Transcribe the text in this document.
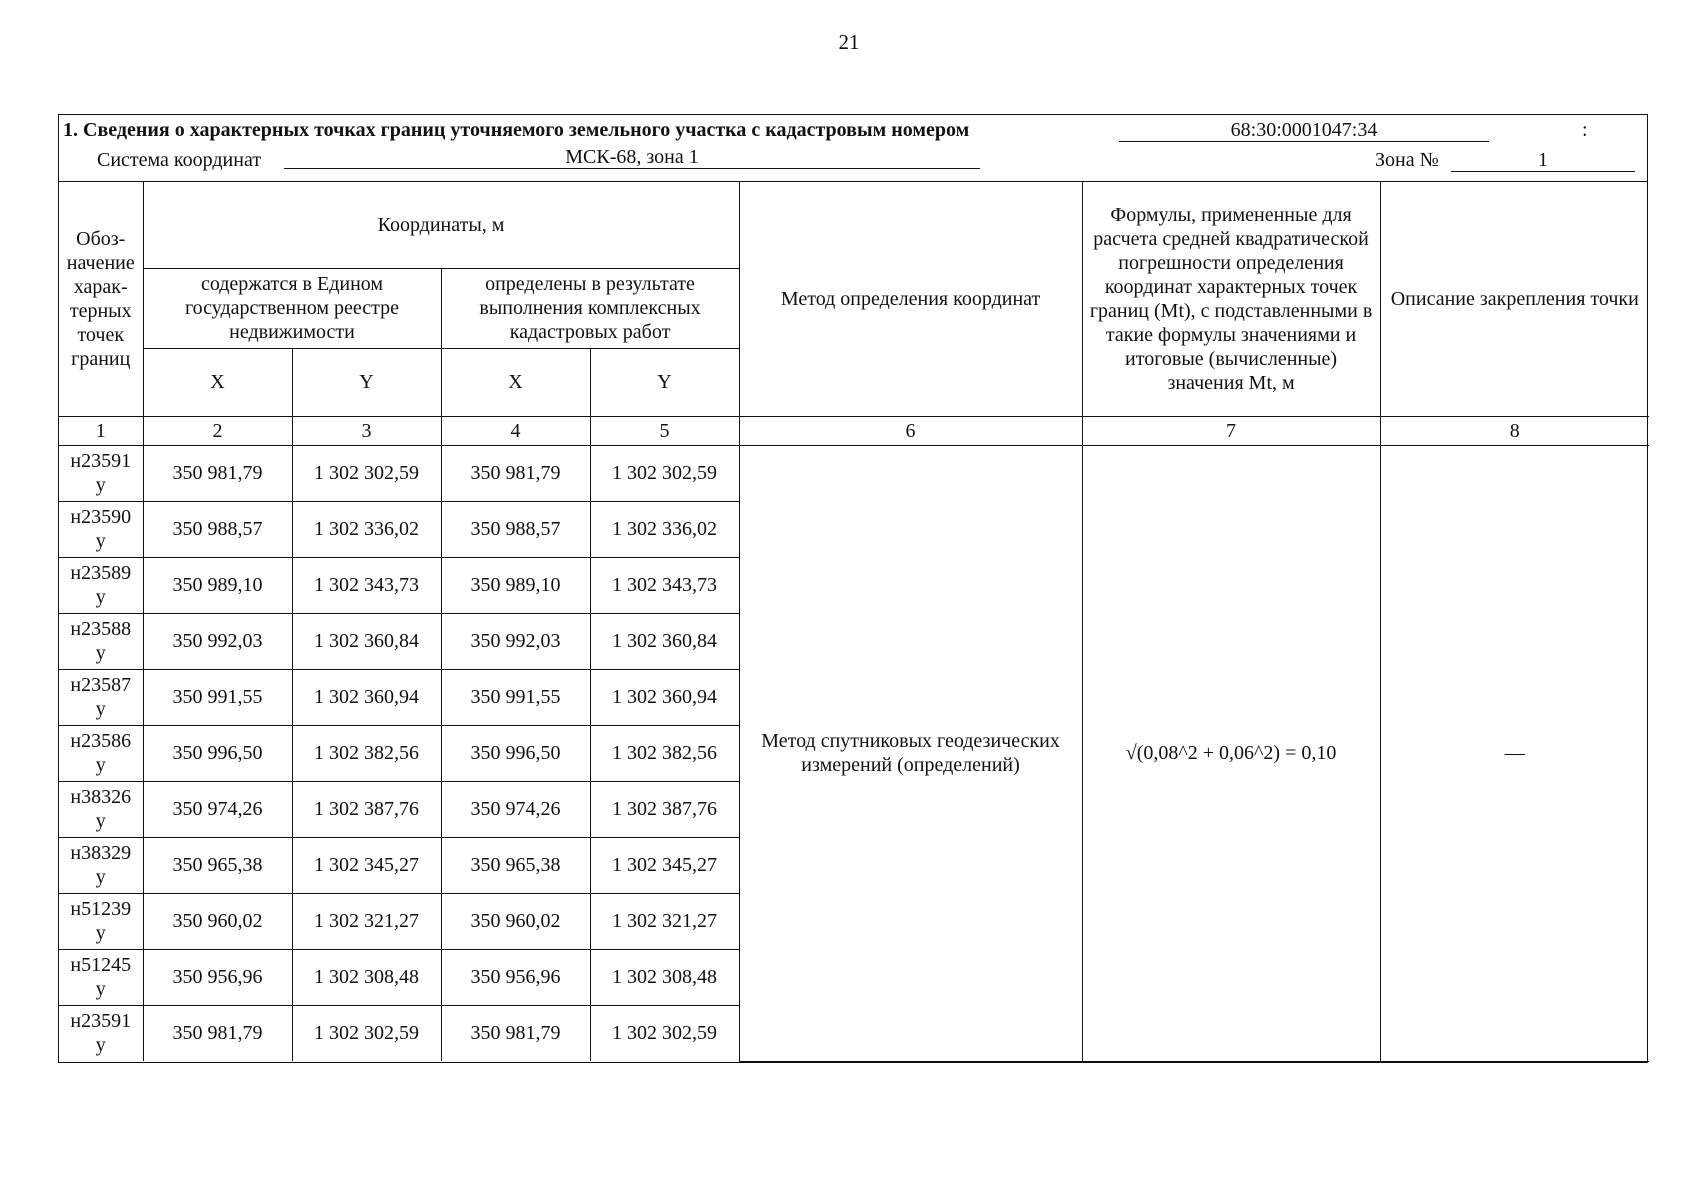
21
1. Сведения о характерных точках границ уточняемого земельного участка с кадастровым номером	68:30:0001047:34	:
Система координат	МСК-68, зона 1	Зона №	1
Обоз-начение харак-терных точек границ	Координаты, м				Метод определения координат	Формулы, примененные для расчета средней квадратической погрешности определения координат характерных точек границ (Mt), с подставленными в такие формулы значениями и итоговые (вычисленные) значения Mt, м	Описание закрепления точки
	содержатся в Едином государственном реестре недвижимости		определены в результате выполнения комплексных кадастровых работ				
	X	Y	X	Y			
1	2	3	4	5	6	7	8

н23591
у	350 981,79	1 302 302,59	350 981,79	1 302 302,59	Метод спутниковых геодезических измерений (определений)	√(0,08^2 + 0,06^2) = 0,10	—

н23590
у	350 988,57	1 302 336,02	350 988,57	1 302 336,02			

н23589
у	350 989,10	1 302 343,73	350 989,10	1 302 343,73			

н23588
у	350 992,03	1 302 360,84	350 992,03	1 302 360,84			

н23587
у	350 991,55	1 302 360,94	350 991,55	1 302 360,94			

н23586
у	350 996,50	1 302 382,56	350 996,50	1 302 382,56			

н38326
у	350 974,26	1 302 387,76	350 974,26	1 302 387,76			

н38329
у	350 965,38	1 302 345,27	350 965,38	1 302 345,27			

н51239
у	350 960,02	1 302 321,27	350 960,02	1 302 321,27			

н51245
у	350 956,96	1 302 308,48	350 956,96	1 302 308,48			

н23591
у	350 981,79	1 302 302,59	350 981,79	1 302 302,59			
